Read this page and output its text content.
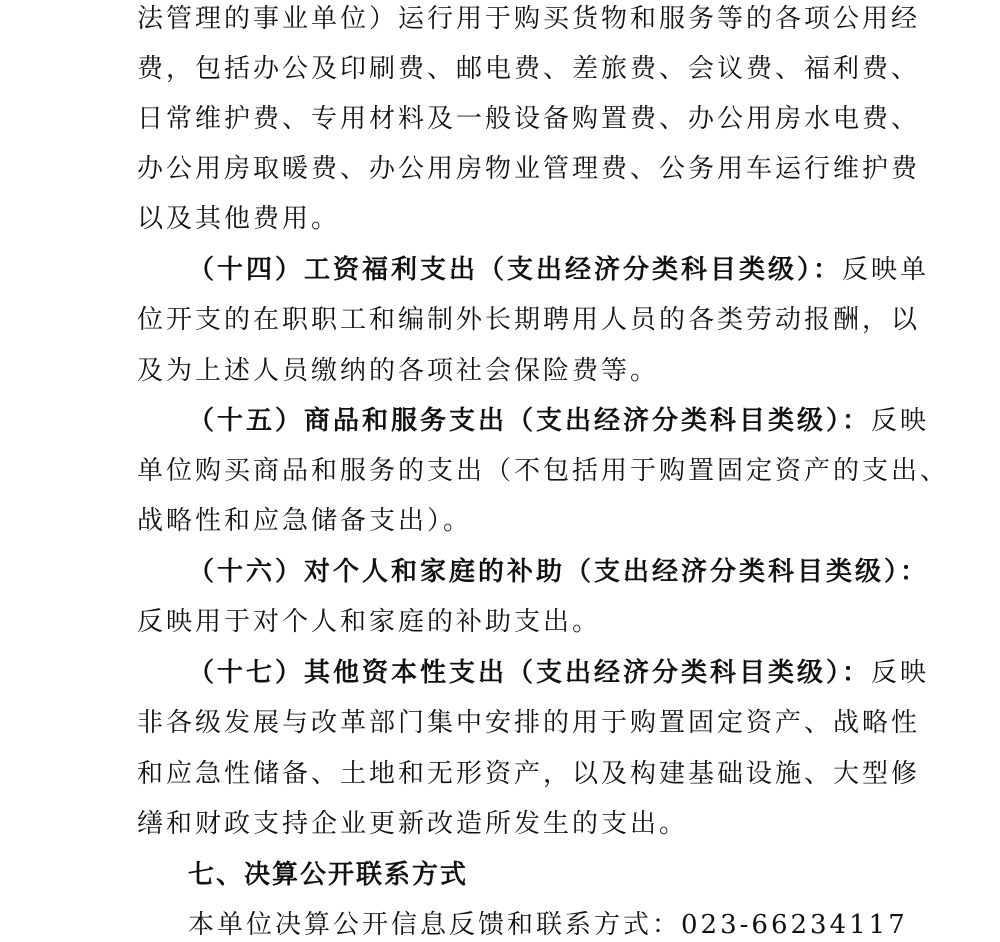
法管理的事业单位）运行用于购买货物和服务等的各项公用经
费，包括办公及印刷费、邮电费、差旅费、会议费、福利费、
日常维护费、专用材料及一般设备购置费、办公用房水电费、
办公用房取暖费、办公用房物业管理费、公务用车运行维护费
以及其他费用。
（十四）工资福利支出（支出经济分类科目类级）：反映单
位开支的在职职工和编制外长期聘用人员的各类劳动报酬，以
及为上述人员缴纳的各项社会保险费等。
（十五）商品和服务支出（支出经济分类科目类级）：反映
单位购买商品和服务的支出（不包括用于购置固定资产的支出、
战略性和应急储备支出）。
（十六）对个人和家庭的补助（支出经济分类科目类级）：
反映用于对个人和家庭的补助支出。
（十七）其他资本性支出（支出经济分类科目类级）：反映
非各级发展与改革部门集中安排的用于购置固定资产、战略性
和应急性储备、土地和无形资产，以及构建基础设施、大型修
缮和财政支持企业更新改造所发生的支出。
七、决算公开联系方式
本单位决算公开信息反馈和联系方式：023-66234117
